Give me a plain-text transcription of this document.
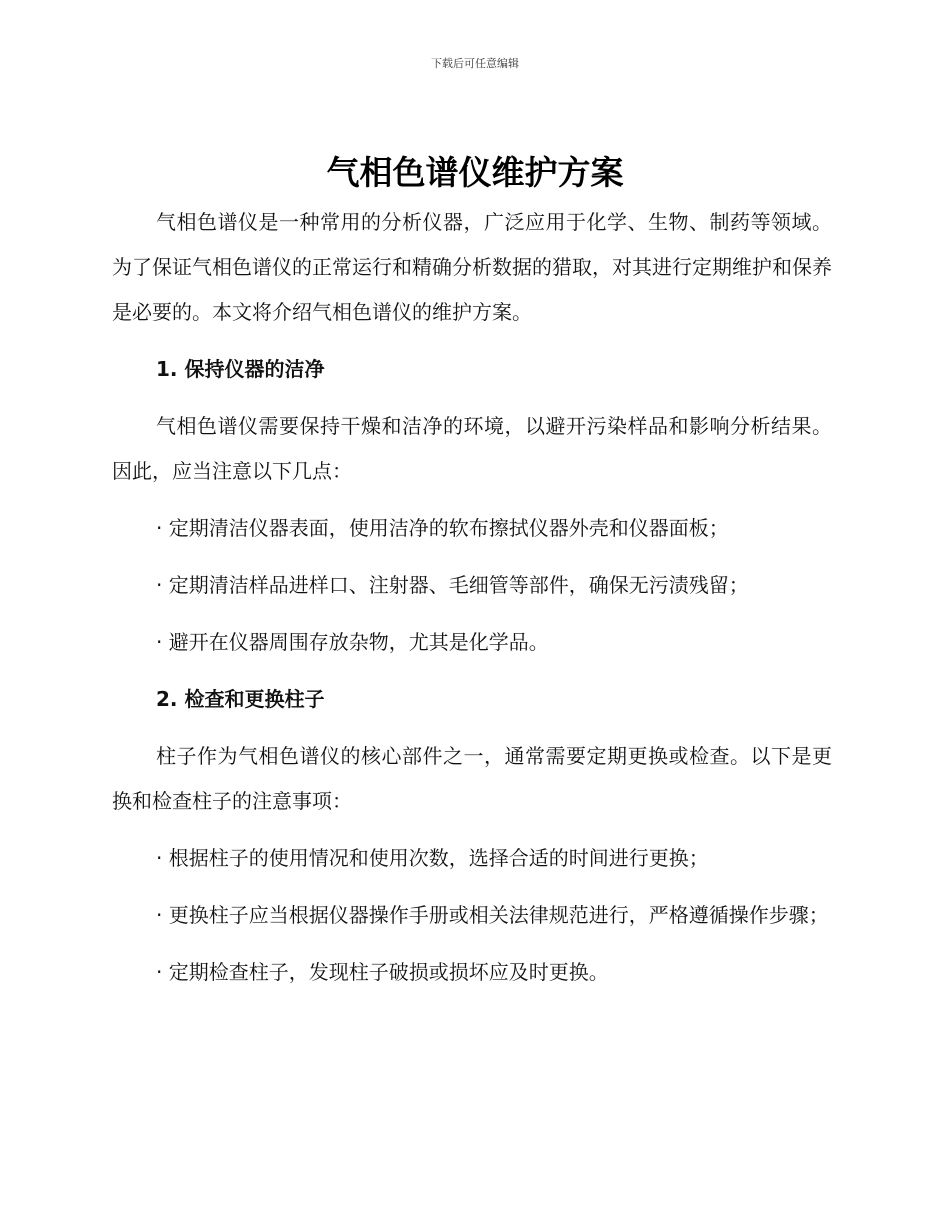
下载后可任意编辑
气相色谱仪维护方案

气相色谱仪是一种常用的分析仪器，广泛应用于化学、生物、制药等领域。为了保证气相色谱仪的正常运行和精确分析数据的猎取，对其进行定期维护和保养是必要的。本文将介绍气相色谱仪的维护方案。

1. 保持仪器的洁净

气相色谱仪需要保持干燥和洁净的环境，以避开污染样品和影响分析结果。因此，应当注意以下几点：

· 定期清洁仪器表面，使用洁净的软布擦拭仪器外壳和仪器面板；

· 定期清洁样品进样口、注射器、毛细管等部件，确保无污渍残留；

· 避开在仪器周围存放杂物，尤其是化学品。

2. 检查和更换柱子

柱子作为气相色谱仪的核心部件之一，通常需要定期更换或检查。以下是更换和检查柱子的注意事项：

· 根据柱子的使用情况和使用次数，选择合适的时间进行更换；

· 更换柱子应当根据仪器操作手册或相关法律规范进行，严格遵循操作步骤；

· 定期检查柱子，发现柱子破损或损坏应及时更换。
